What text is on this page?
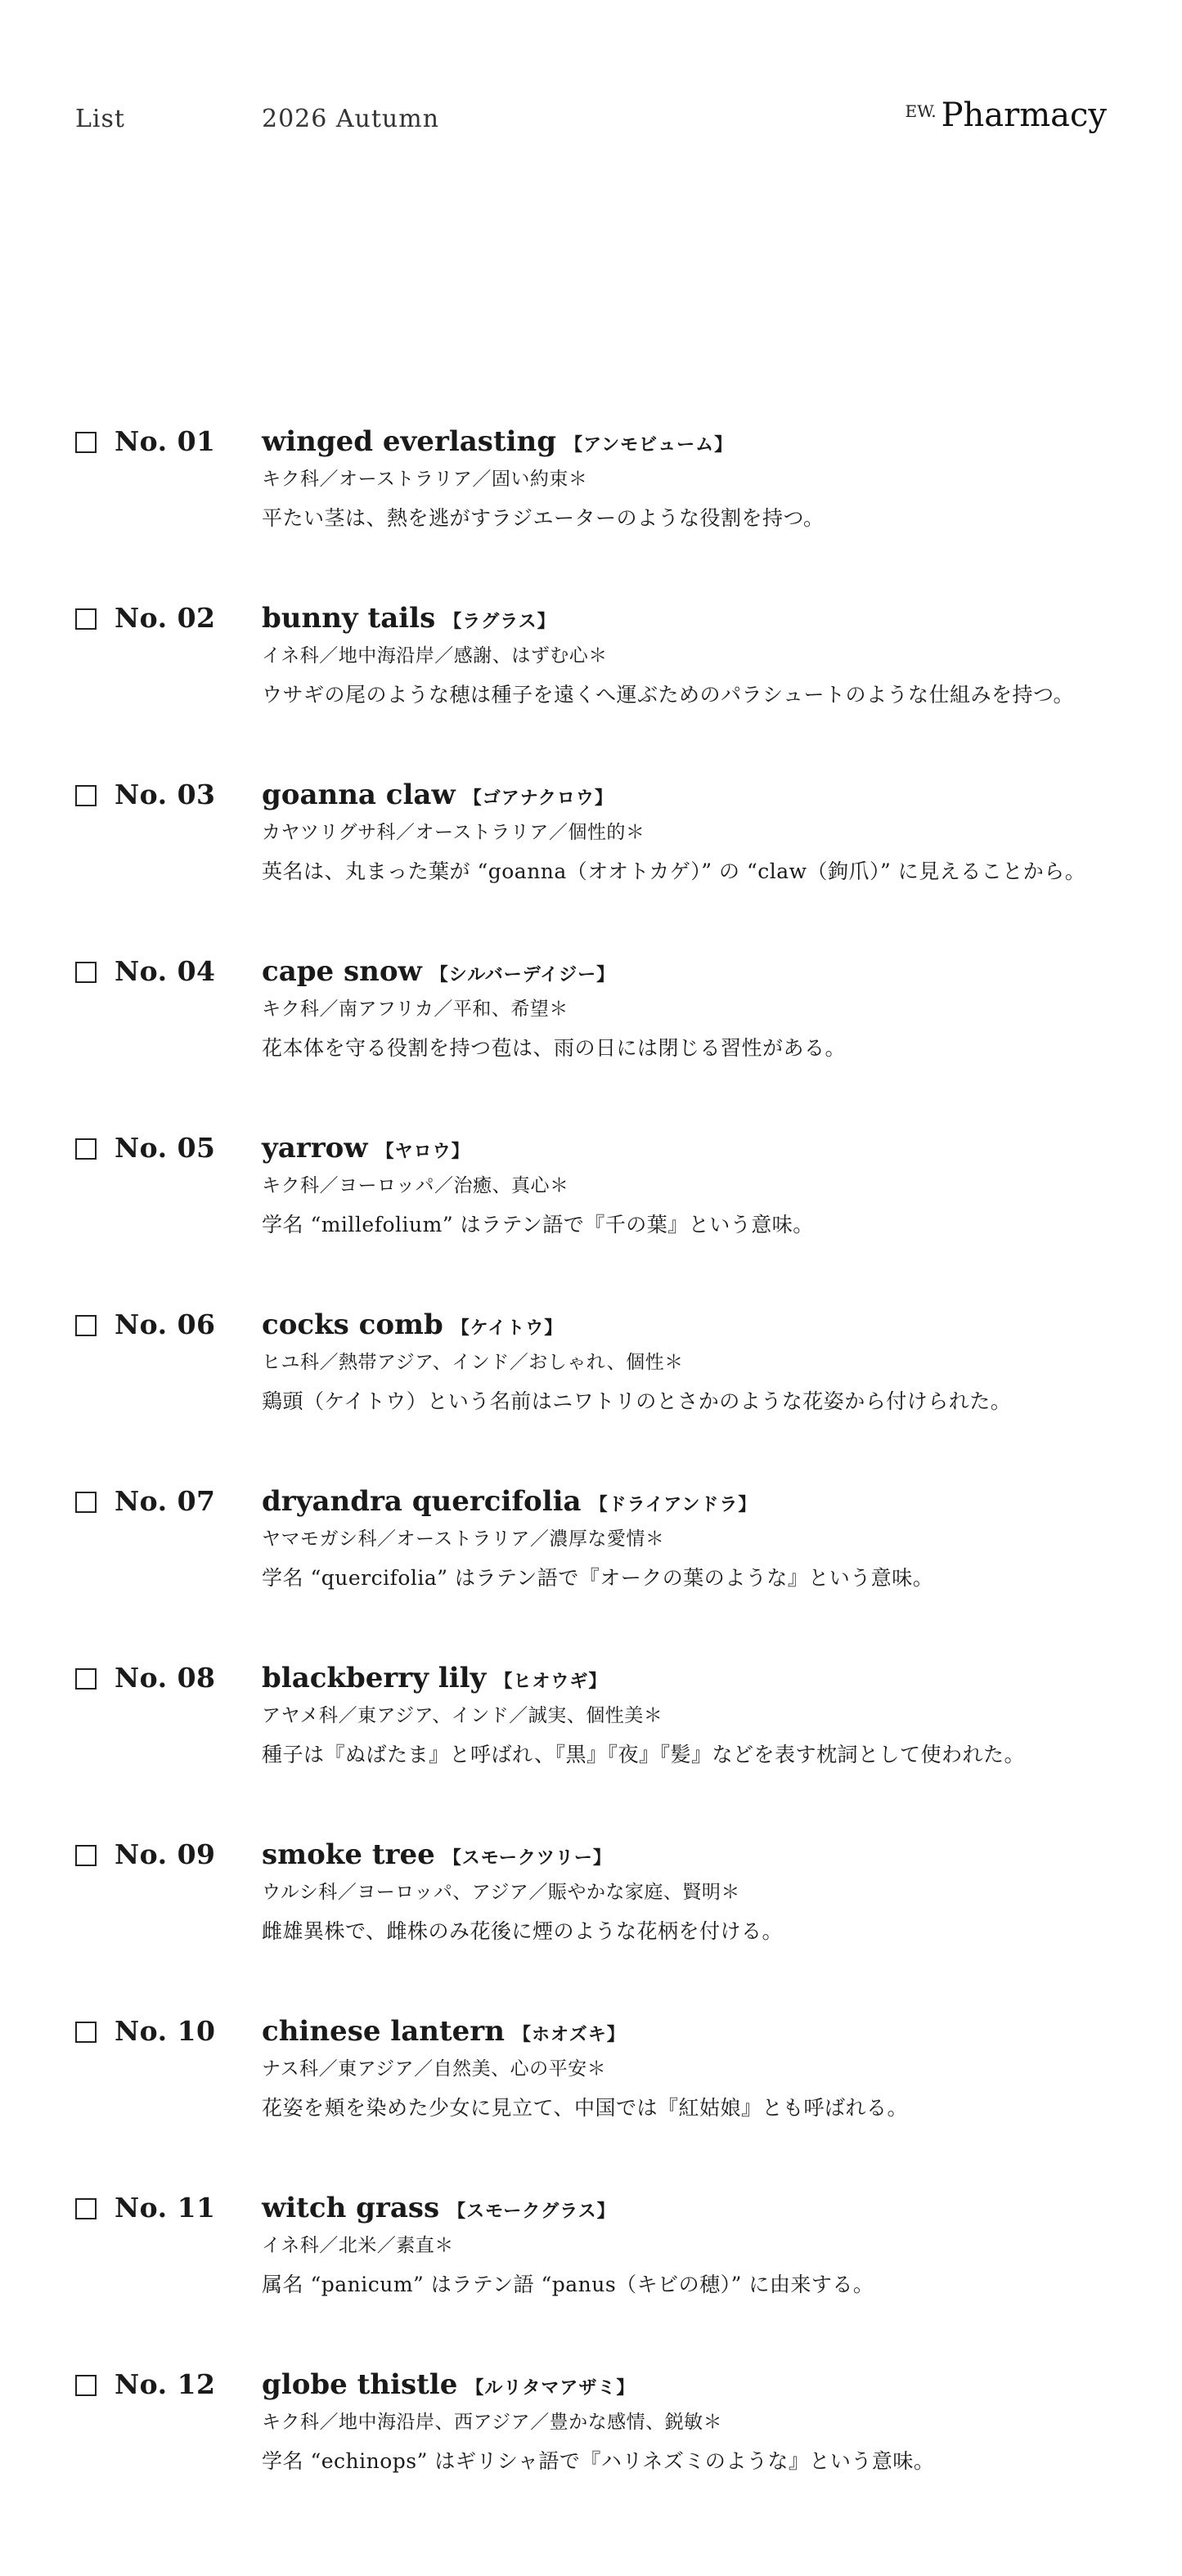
List	2026 Autumn	EW. Pharmacy
No. 01 winged everlasting 【アンモビューム】
キク科／オーストラリア／固い約束＊
平たい茎は、熱を逃がすラジエーターのような役割を持つ。
No. 02 bunny tails 【ラグラス】
イネ科／地中海沿岸／感謝、はずむ心＊
ウサギの尾のような穂は種子を遠くへ運ぶためのパラシュートのような仕組みを持つ。
No. 03 goanna claw 【ゴアナクロウ】
カヤツリグサ科／オーストラリア／個性的＊
英名は、丸まった葉が “goanna（オオトカゲ）” の “claw（鉤爪）” に見えることから。
No. 04 cape snow 【シルバーデイジー】
キク科／南アフリカ／平和、希望＊
花本体を守る役割を持つ苞は、雨の日には閉じる習性がある。
No. 05 yarrow 【ヤロウ】
キク科／ヨーロッパ／治癒、真心＊
学名 “millefolium” はラテン語で『千の葉』という意味。
No. 06 cocks comb 【ケイトウ】
ヒユ科／熱帯アジア、インド／おしゃれ、個性＊
鶏頭（ケイトウ）という名前はニワトリのとさかのような花姿から付けられた。
No. 07 dryandra quercifolia 【ドライアンドラ】
ヤマモガシ科／オーストラリア／濃厚な愛情＊
学名 “quercifolia” はラテン語で『オークの葉のような』という意味。
No. 08 blackberry lily 【ヒオウギ】
アヤメ科／東アジア、インド／誠実、個性美＊
種子は『ぬばたま』と呼ばれ、『黒』『夜』『髪』などを表す枕詞として使われた。
No. 09 smoke tree 【スモークツリー】
ウルシ科／ヨーロッパ、アジア／賑やかな家庭、賢明＊
雌雄異株で、雌株のみ花後に煙のような花柄を付ける。
No. 10 chinese lantern 【ホオズキ】
ナス科／東アジア／自然美、心の平安＊
花姿を頬を染めた少女に見立て、中国では『紅姑娘』とも呼ばれる。
No. 11 witch grass 【スモークグラス】
イネ科／北米／素直＊
属名 “panicum” はラテン語 “panus（キビの穂）” に由来する。
No. 12 globe thistle 【ルリタマアザミ】
キク科／地中海沿岸、西アジア／豊かな感情、鋭敏＊
学名 “echinops” はギリシャ語で『ハリネズミのような』という意味。
